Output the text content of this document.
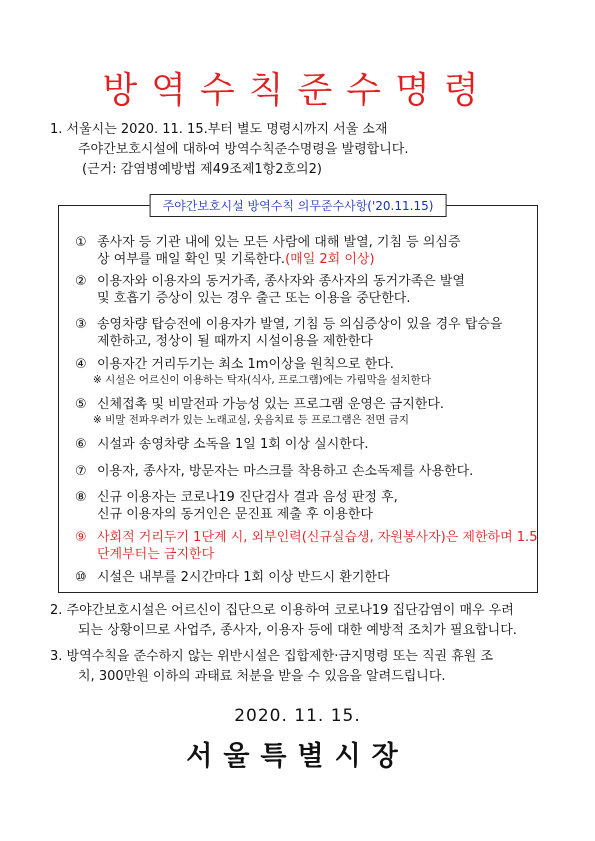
방역수칙준수명령
1. 서울시는 2020. 11. 15.부터 별도 명령시까지 서울 소재
주야간보호시설에 대하여 방역수칙준수명령을 발령합니다.
(근거: 감염병예방법 제49조제1항2호의2)
주야간보호시설 방역수칙 의무준수사항('20.11.15)
① 종사자 등 기관 내에 있는 모든 사람에 대해 발열, 기침 등 의심증
상 여부를 매일 확인 및 기록한다.(매일 2회 이상)
② 이용자와 이용자의 동거가족, 종사자와 종사자의 동거가족은 발열
및 호흡기 증상이 있는 경우 출근 또는 이용을 중단한다.
③ 송영차량 탑승전에 이용자가 발열, 기침 등 의심증상이 있을 경우 탑승을
제한하고, 정상이 될 때까지 시설이용을 제한한다
④ 이용자간 거리두기는 최소 1m이상을 원칙으로 한다.
※ 시설은 어르신이 이용하는 탁자(식사, 프로그램)에는 가림막을 설치한다
⑤ 신체접촉 및 비말전파 가능성 있는 프로그램 운영은 금지한다.
※ 비말 전파우려가 있는 노래교실, 웃음치료 등 프로그램은 전면 금지
⑥ 시설과 송영차량 소독을 1일 1회 이상 실시한다.
⑦ 이용자, 종사자, 방문자는 마스크를 착용하고 손소독제를 사용한다.
⑧ 신규 이용자는 코로나19 진단검사 결과 음성 판정 후,
신규 이용자의 동거인은 문진표 제출 후 이용한다
⑨ 사회적 거리두기 1단계 시, 외부인력(신규실습생, 자원봉사자)은 제한하며 1.5
단계부터는 금지한다
⑩ 시설은 내부를 2시간마다 1회 이상 반드시 환기한다
2. 주야간보호시설은 어르신이 집단으로 이용하여 코로나19 집단감염이 매우 우려
되는 상황이므로 사업주, 종사자, 이용자 등에 대한 예방적 조치가 필요합니다.
3. 방역수칙을 준수하지 않는 위반시설은 집합제한·금지명령 또는 직권 휴원 조
치, 300만원 이하의 과태료 처분을 받을 수 있음을 알려드립니다.
2020. 11. 15.
서울특별시장
